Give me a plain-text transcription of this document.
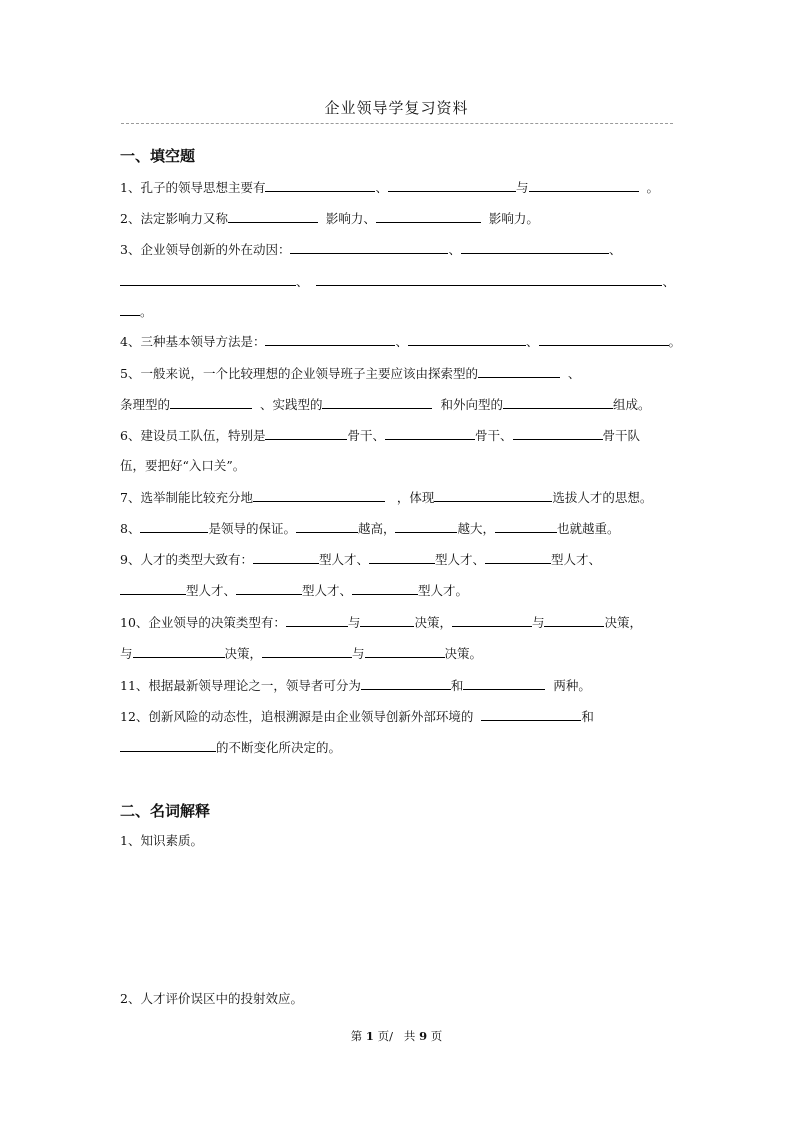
企业领导学复习资料
一、填空题
1、孔子的领导思想主要有	、	与	。
2、法定影响力又称	影响力、	影响力。
3、企业领导创新的外在动因：	、	、
、	、
。
4、三种基本领导方法是：	、	、	。
5、一般来说，一个比较理想的企业领导班子主要应该由探索型的	、
条理型的	、实践型的	和外向型的	组成。
6、建设员工队伍，特别是	骨干、	骨干、	骨干队
伍，要把好“入口关”。
7、选举制能比较充分地	，体现	选拔人才的思想。
8、	是领导的保证。	越高，	越大，	也就越重。
9、人才的类型大致有：	型人才、	型人才、	型人才、
型人才、	型人才、	型人才。
10、企业领导的决策类型有：	与	决策，	与	决策，
与	决策，	与	决策。
11、根据最新领导理论之一，领导者可分为	和	两种。
12、创新风险的动态性，追根溯源是由企业领导创新外部环境的	和
的不断变化所决定的。
二、名词解释
1、知识素质。
2、人才评价误区中的投射效应。
第 1 页/ 共 9 页
